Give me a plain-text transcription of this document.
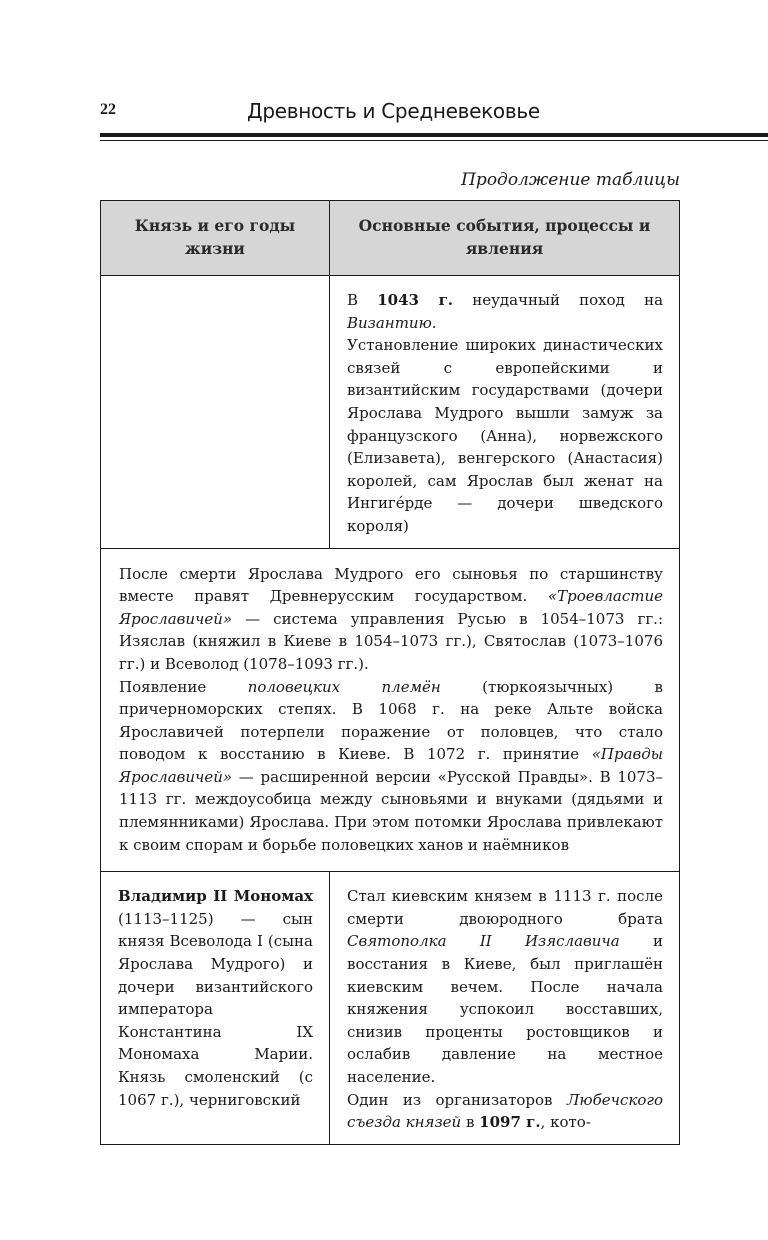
22	Древность и Средневековье
Продолжение таблицы
Князь и его годы жизни	Основные события, процессы и явления

	В 1043 г. неудачный поход на Византию.

Установление широких династических связей с европейскими и византийским государствами (дочери Ярослава Мудрого вышли замуж за французского (Анна), норвежского (Елизавета), венгерского (Анастасия) королей, сам Ярослав был женат на Ингигéрде — дочери шведского короля)

После смерти Ярослава Мудрого его сыновья по старшинству вместе правят Древнерусским государством. «Троевластие Ярославичей» — система управления Русью в 1054–1073 гг.: Изяслав (княжил в Киеве в 1054–1073 гг.), Святослав (1073–1076 гг.) и Всеволод (1078–1093 гг.).

Появление половецких племён (тюркоязычных) в причерноморских степях. В 1068 г. на реке Альте войска Ярославичей потерпели поражение от половцев, что стало поводом к восстанию в Киеве. В 1072 г. принятие «Правды Ярославичей» — расширенной версии «Русской Правды». В 1073–1113 гг. междоусобица между сыновьями и внуками (дядьями и племянниками) Ярослава. При этом потомки Ярослава привлекают к своим спорам и борьбе половецких ханов и наёмников	

Владимир II Мономах (1113–1125) — сын князя Всеволода I (сына Ярослава Мудрого) и дочери византийского императора Константина IX Мономаха Марии. Князь смоленский (с 1067 г.), черниговский	Стал киевским князем в 1113 г. после смерти двоюродного брата Святополка II Изяславича и восстания в Киеве, был приглашён киевским вечем. После начала княжения успокоил восставших, снизив проценты ростовщиков и ослабив давление на местное население.

Один из организаторов Любечского съезда князей в 1097 г., кото-
